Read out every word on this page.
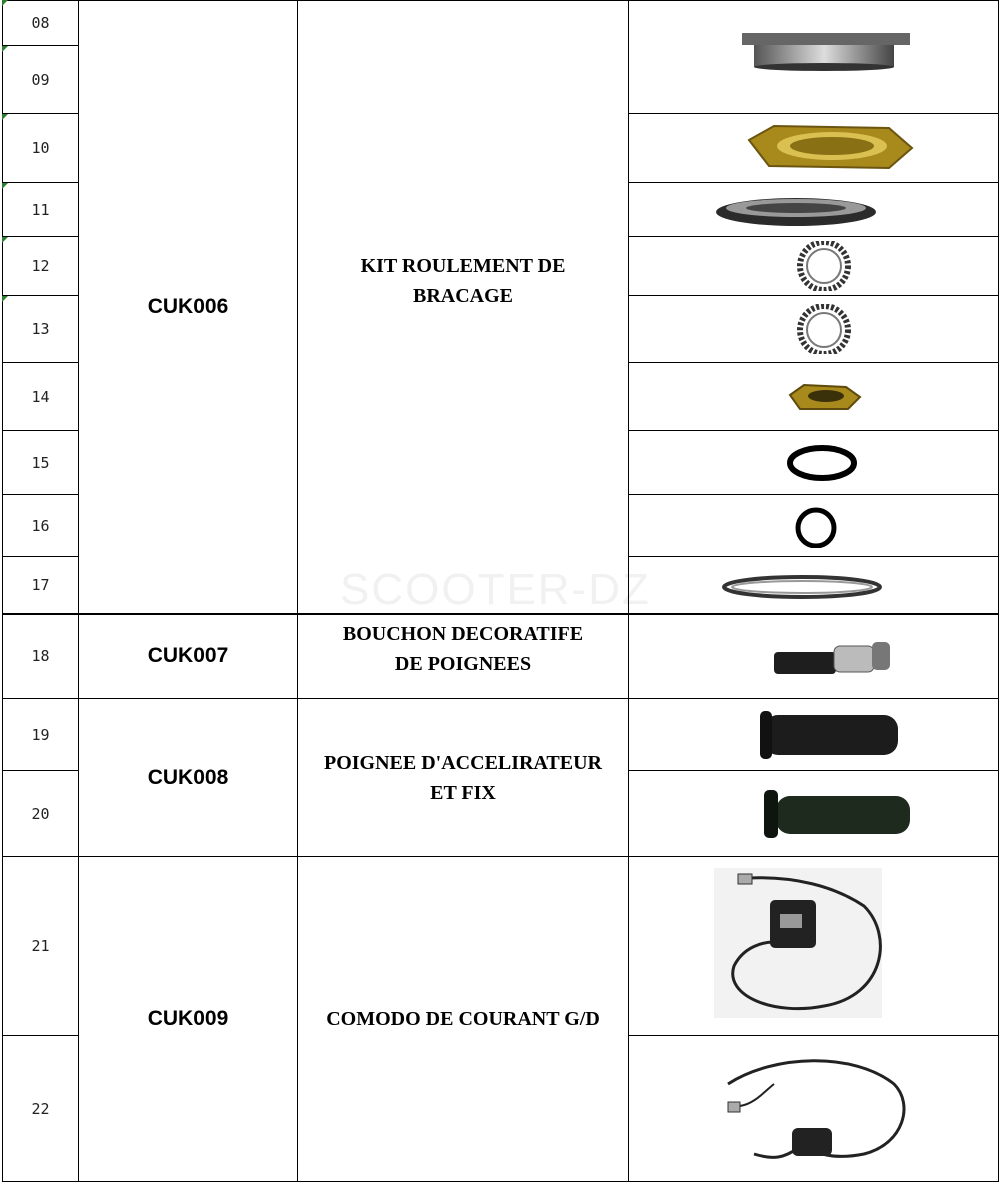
SCOOTER-DZ
08	CUK006	KIT ROULEMENT DE
BRACAGE

09			
10	

11	

12	

13	

14	

15	

16	

17	

18	CUK007	BOUCHON DECORATIFE
DE POIGNEES

19	CUK008	POIGNEE D'ACCELIRATEUR
ET FIX

20	

21	CUK009	COMODO DE COURANT G/D

22	
